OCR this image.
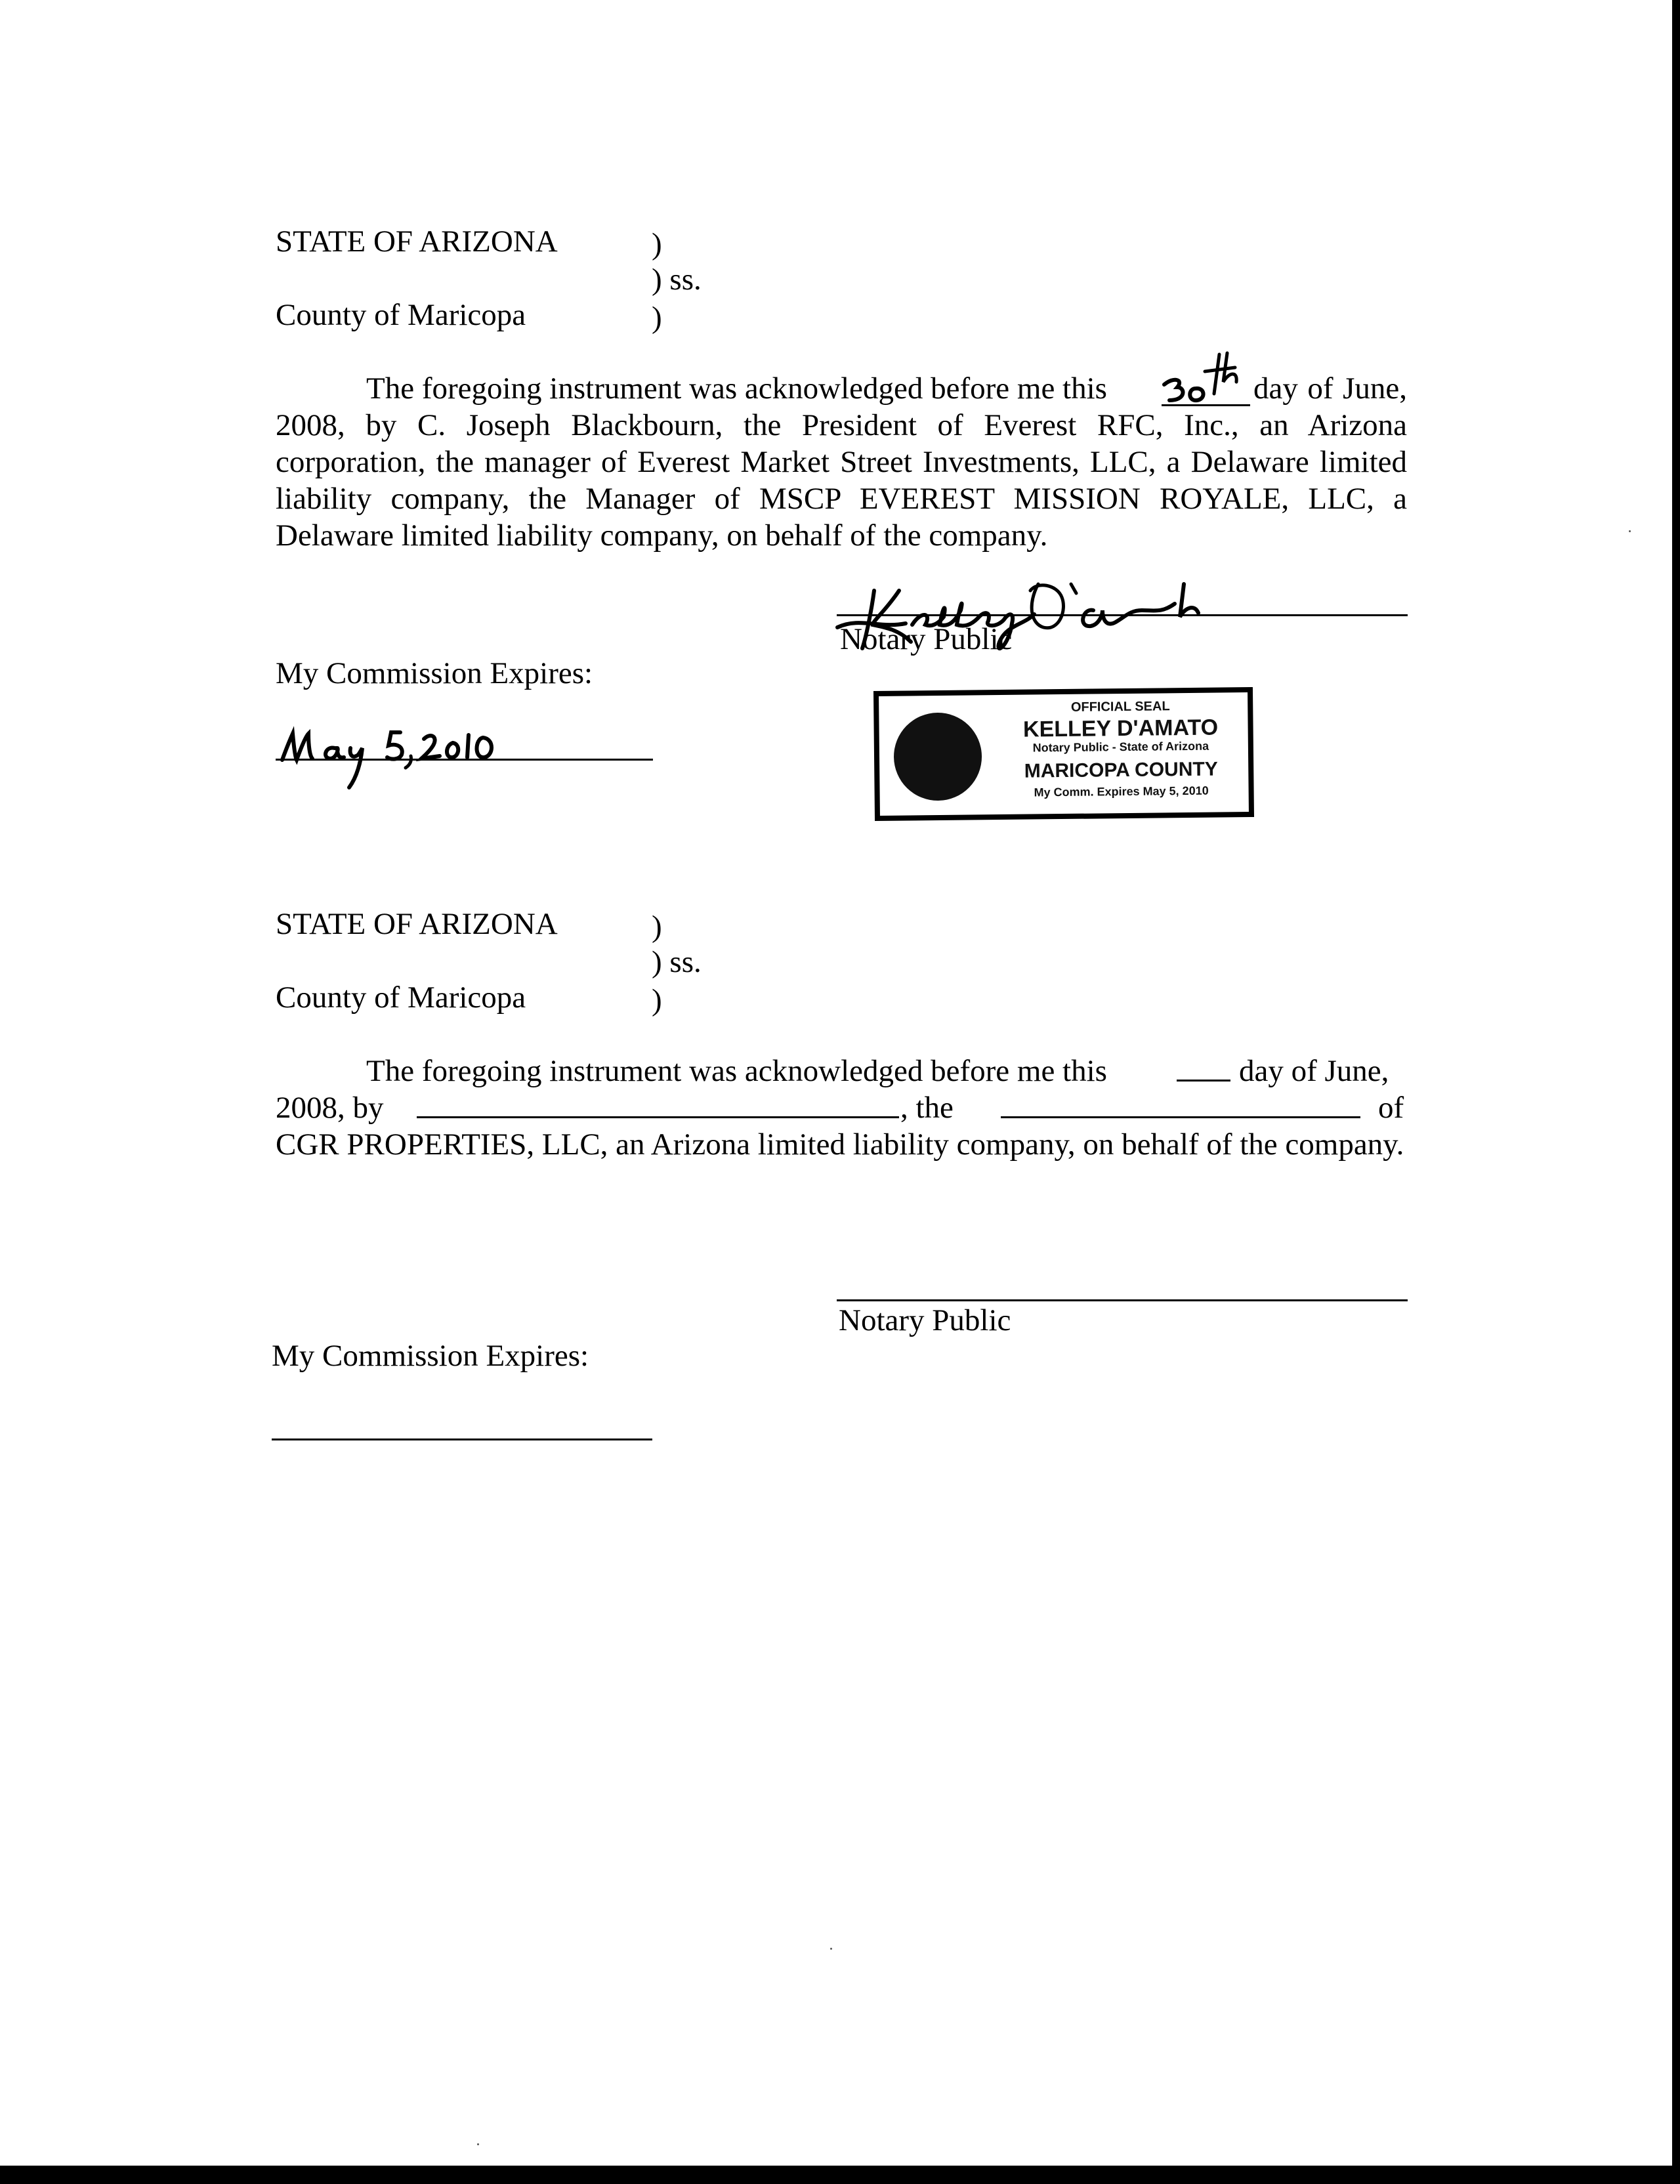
STATE OF ARIZONA	)
) ss.
County of Maricopa	)
The foregoing instrument was acknowledged before me this	day of June, 2008, by C. Joseph Blackbourn, the President of Everest RFC, Inc., an Arizona corporation, the manager of Everest Market Street Investments, LLC, a Delaware limited liability company, the Manager of MSCP EVEREST MISSION ROYALE, LLC, a Delaware limited liability company, on behalf of the company.
Notary Public
My Commission Expires:
OFFICIAL SEAL
KELLEY D'AMATO
Notary Public - State of Arizona
MARICOPA COUNTY
My Comm. Expires May 5, 2010
STATE OF ARIZONA	)
) ss.
County of Maricopa	)
The foregoing instrument was acknowledged before me this	day of June,
2008, by	, the	of
CGR PROPERTIES, LLC, an Arizona limited liability company, on behalf of the company.
Notary Public
My Commission Expires:
